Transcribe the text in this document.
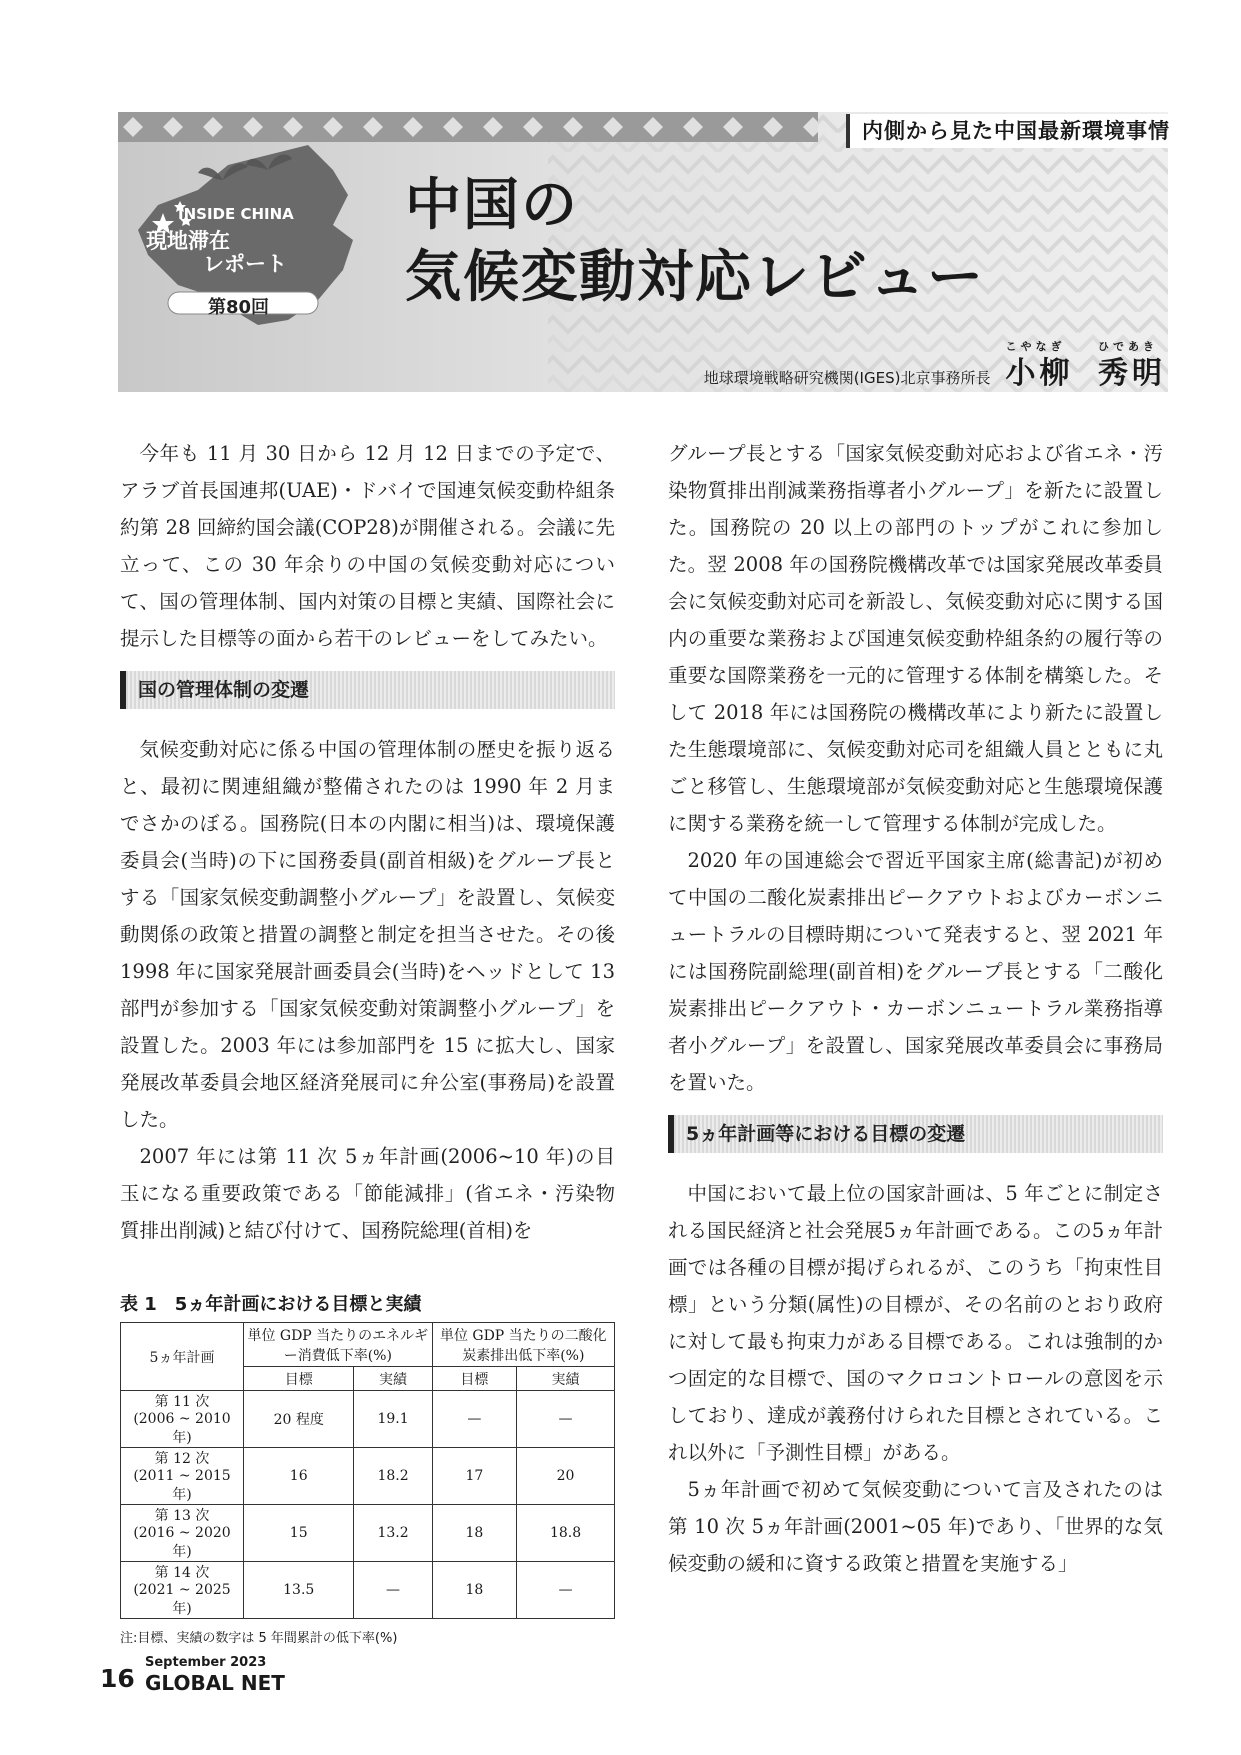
内側から見た中国最新環境事情
INSIDE CHINA
現地滞在
レポート
第80回
中国の
気候変動対応レビュー
地球環境戦略研究機関(IGES)北京事務所長
こやなぎ
小柳
ひであき
秀明

今年も 11 月 30 日から 12 月 12 日までの予定で、アラブ首長国連邦(UAE)・ドバイで国連気候変動枠組条約第 28 回締約国会議(COP28)が開催される。会議に先立って、この 30 年余りの中国の気候変動対応について、国の管理体制、国内対策の目標と実績、国際社会に提示した目標等の面から若干のレビューをしてみたい。

国の管理体制の変遷

気候変動対応に係る中国の管理体制の歴史を振り返ると、最初に関連組織が整備されたのは 1990 年 2 月までさかのぼる。国務院(日本の内閣に相当)は、環境保護委員会(当時)の下に国務委員(副首相級)をグループ長とする「国家気候変動調整小グループ」を設置し、気候変動関係の政策と措置の調整と制定を担当させた。その後 1998 年に国家発展計画委員会(当時)をヘッドとして 13 部門が参加する「国家気候変動対策調整小グループ」を設置した。2003 年には参加部門を 15 に拡大し、国家発展改革委員会地区経済発展司に弁公室(事務局)を設置した。

2007 年には第 11 次 5ヵ年計画(2006~10 年)の目玉になる重要政策である「節能減排」(省エネ・汚染物質排出削減)と結び付けて、国務院総理(首相)を

表 1　5ヵ年計画における目標と実績
5ヵ年計画	単位 GDP 当たりのエネルギー消費低下率(%)		単位 GDP 当たりの二酸化炭素排出低下率(%)	
	目標	実績	目標	実績

第 11 次
(2006 ~ 2010 年)	20 程度	19.1	—	—

第 12 次
(2011 ~ 2015 年)	16	18.2	17	20

第 13 次
(2016 ~ 2020 年)	15	13.2	18	18.8

第 14 次
(2021 ~ 2025 年)	13.5	—	18	—
注:目標、実績の数字は 5 年間累計の低下率(%)

グループ長とする「国家気候変動対応および省エネ・汚染物質排出削減業務指導者小グループ」を新たに設置した。国務院の 20 以上の部門のトップがこれに参加した。翌 2008 年の国務院機構改革では国家発展改革委員会に気候変動対応司を新設し、気候変動対応に関する国内の重要な業務および国連気候変動枠組条約の履行等の重要な国際業務を一元的に管理する体制を構築した。そして 2018 年には国務院の機構改革により新たに設置した生態環境部に、気候変動対応司を組織人員とともに丸ごと移管し、生態環境部が気候変動対応と生態環境保護に関する業務を統一して管理する体制が完成した。

2020 年の国連総会で習近平国家主席(総書記)が初めて中国の二酸化炭素排出ピークアウトおよびカーボンニュートラルの目標時期について発表すると、翌 2021 年には国務院副総理(副首相)をグループ長とする「二酸化炭素排出ピークアウト・カーボンニュートラル業務指導者小グループ」を設置し、国家発展改革委員会に事務局を置いた。

5ヵ年計画等における目標の変遷

中国において最上位の国家計画は、5 年ごとに制定される国民経済と社会発展5ヵ年計画である。この5ヵ年計画では各種の目標が掲げられるが、このうち「拘束性目標」という分類(属性)の目標が、その名前のとおり政府に対して最も拘束力がある目標である。これは強制的かつ固定的な目標で、国のマクロコントロールの意図を示しており、達成が義務付けられた目標とされている。これ以外に「予測性目標」がある。

5ヵ年計画で初めて気候変動について言及されたのは第 10 次 5ヵ年計画(2001~05 年)であり、「世界的な気候変動の緩和に資する政策と措置を実施する」

September 2023
16 GLOBAL NET
